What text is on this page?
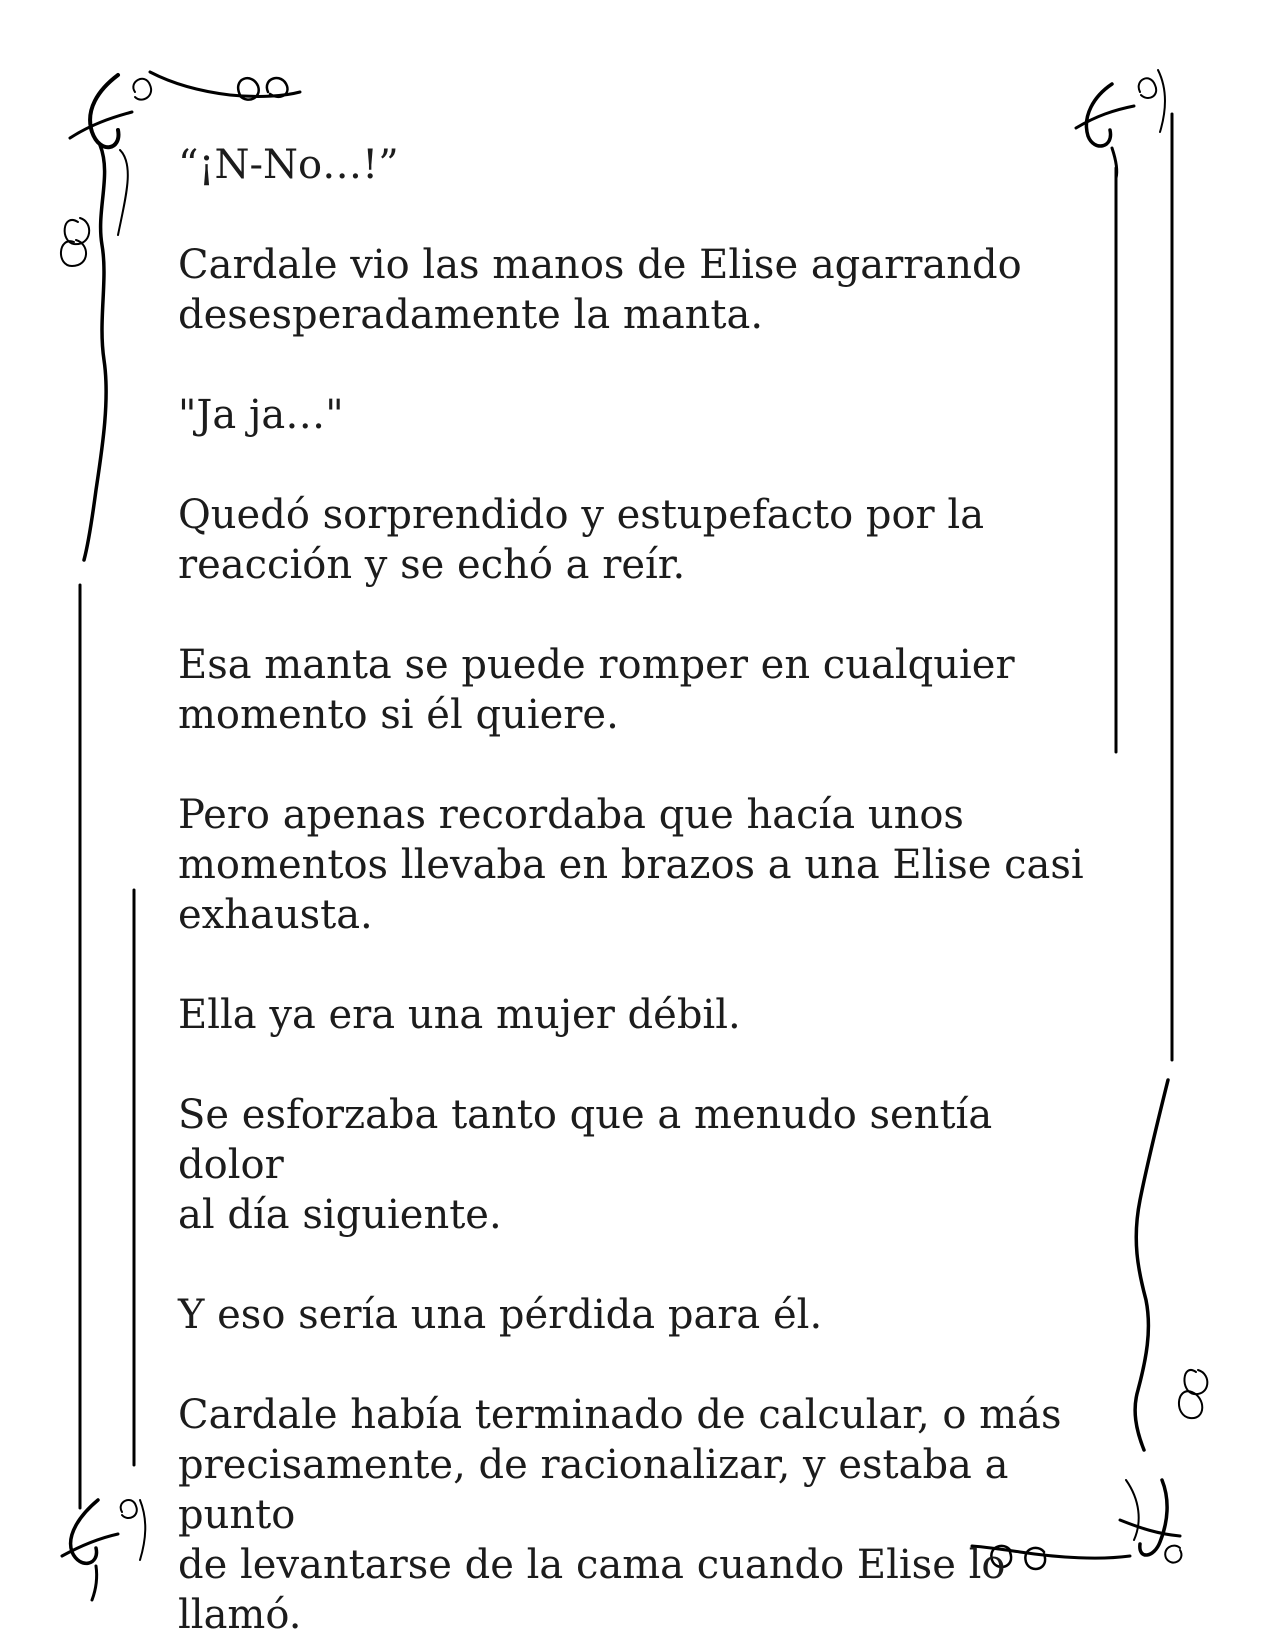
“¡N-No…!”

Cardale vio las manos de Elise agarrando
desesperadamente la manta.

"Ja ja…"

Quedó sorprendido y estupefacto por la
reacción y se echó a reír.

Esa manta se puede romper en cualquier
momento si él quiere.

Pero apenas recordaba que hacía unos
momentos llevaba en brazos a una Elise casi
exhausta.

Ella ya era una mujer débil.

Se esforzaba tanto que a menudo sentía dolor
al día siguiente.

Y eso sería una pérdida para él.

Cardale había terminado de calcular, o más
precisamente, de racionalizar, y estaba a punto
de levantarse de la cama cuando Elise lo llamó.
